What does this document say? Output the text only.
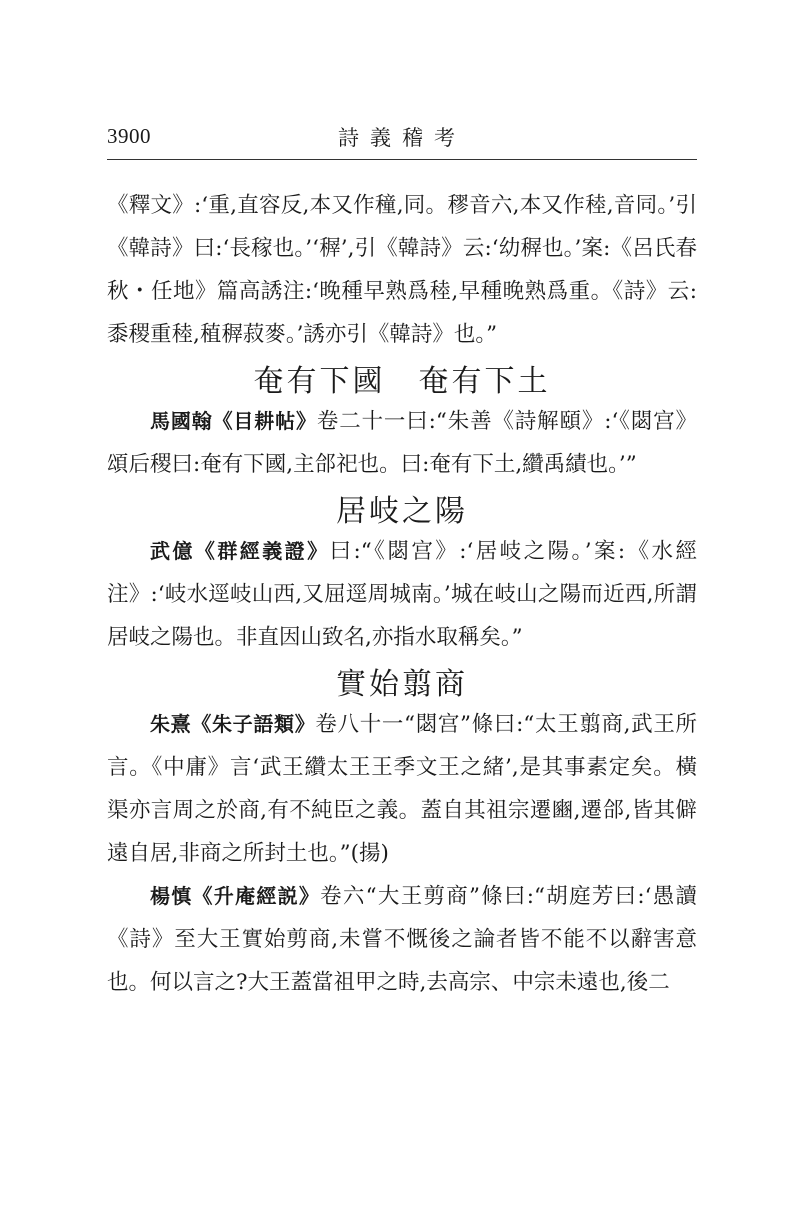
3900	詩義稽考

《釋文》:‘重,直容反,本又作穜,同。穋音六,本又作稑,音同。’引《韓詩》曰:‘長稼也。’‘稺’,引《韓詩》云:‘幼稺也。’案:《呂氏春秋・任地》篇高誘注:‘晚種早熟爲稑,早種晚熟爲重。《詩》云:黍稷重稑,稙稺菽麥。’誘亦引《韓詩》也。”

奄有下國　奄有下土

馬國翰《目耕帖》卷二十一曰:“朱善《詩解頤》:‘《閟宫》頌后稷曰:奄有下國,主郃祀也。曰:奄有下土,纘禹績也。’”

居岐之陽

武億《群經義證》曰:“《閟宫》:‘居岐之陽。’案:《水經注》:‘岐水逕岐山西,又屈逕周城南。’城在岐山之陽而近西,所謂居岐之陽也。非直因山致名,亦指水取稱矣。”

實始翦商

朱熹《朱子語類》卷八十一“閟宫”條曰:“太王翦商,武王所言。《中庸》言‘武王纘太王王季文王之緒’,是其事素定矣。橫渠亦言周之於商,有不純臣之義。蓋自其祖宗遷豳,遷郃,皆其僻遠自居,非商之所封土也。”(揚)

楊慎《升庵經説》卷六“大王剪商”條曰:“胡庭芳曰:‘愚讀《詩》至大王實始剪商,未嘗不慨後之論者皆不能不以辭害意也。何以言之?大王蓋當祖甲之時,去高宗、中宗未遠也,後二
